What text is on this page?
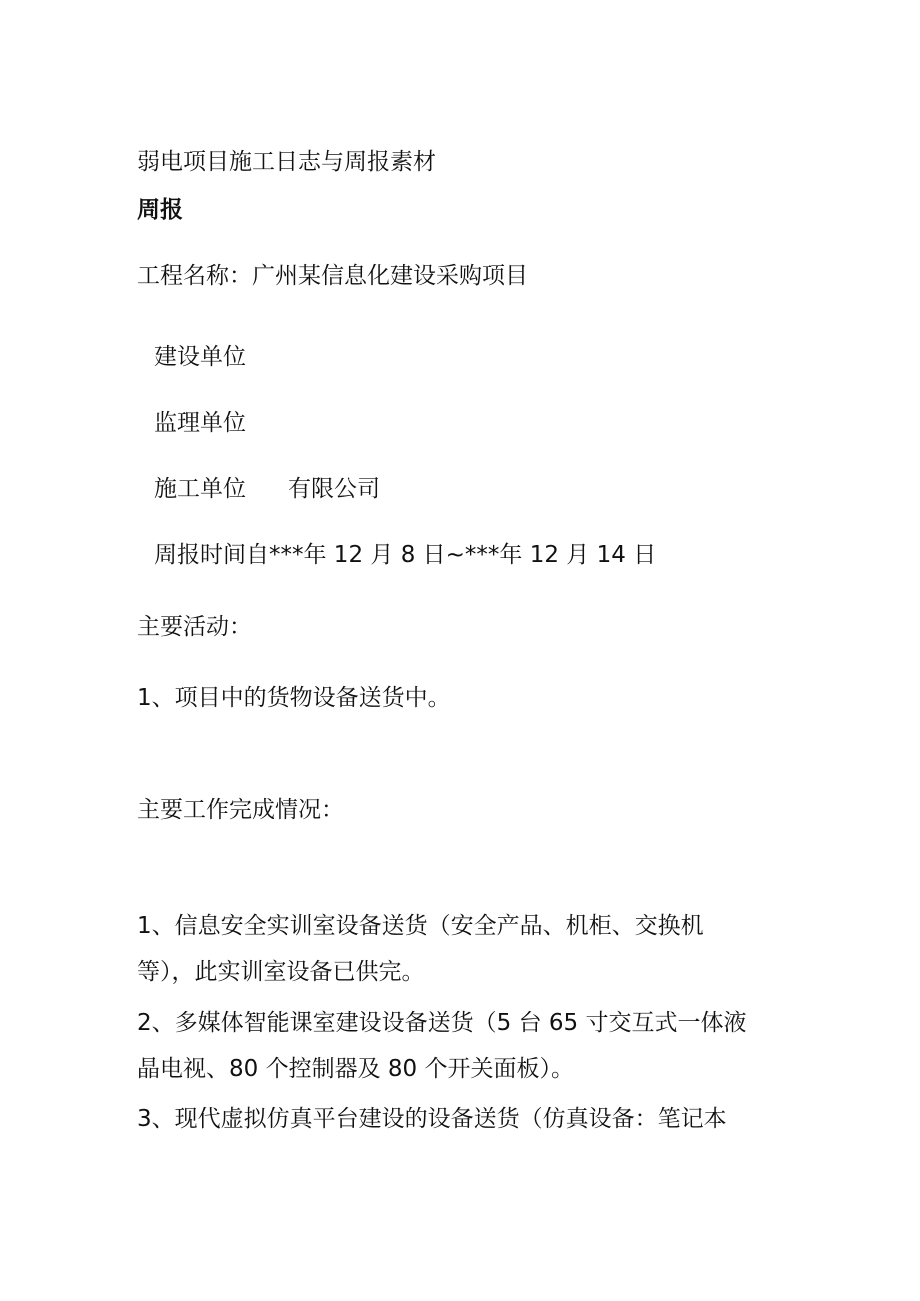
弱电项目施工日志与周报素材
周报
工程名称：广州某信息化建设采购项目
建设单位
监理单位
施工单位 有限公司
周报时间自***年 12 月 8 日~***年 12 月 14 日
主要活动：
1、项目中的货物设备送货中。
主要工作完成情况：
1、信息安全实训室设备送货（安全产品、机柜、交换机
等），此实训室设备已供完。
2、多媒体智能课室建设设备送货（5 台 65 寸交互式一体液
晶电视、80 个控制器及 80 个开关面板）。
3、现代虚拟仿真平台建设的设备送货（仿真设备：笔记本
